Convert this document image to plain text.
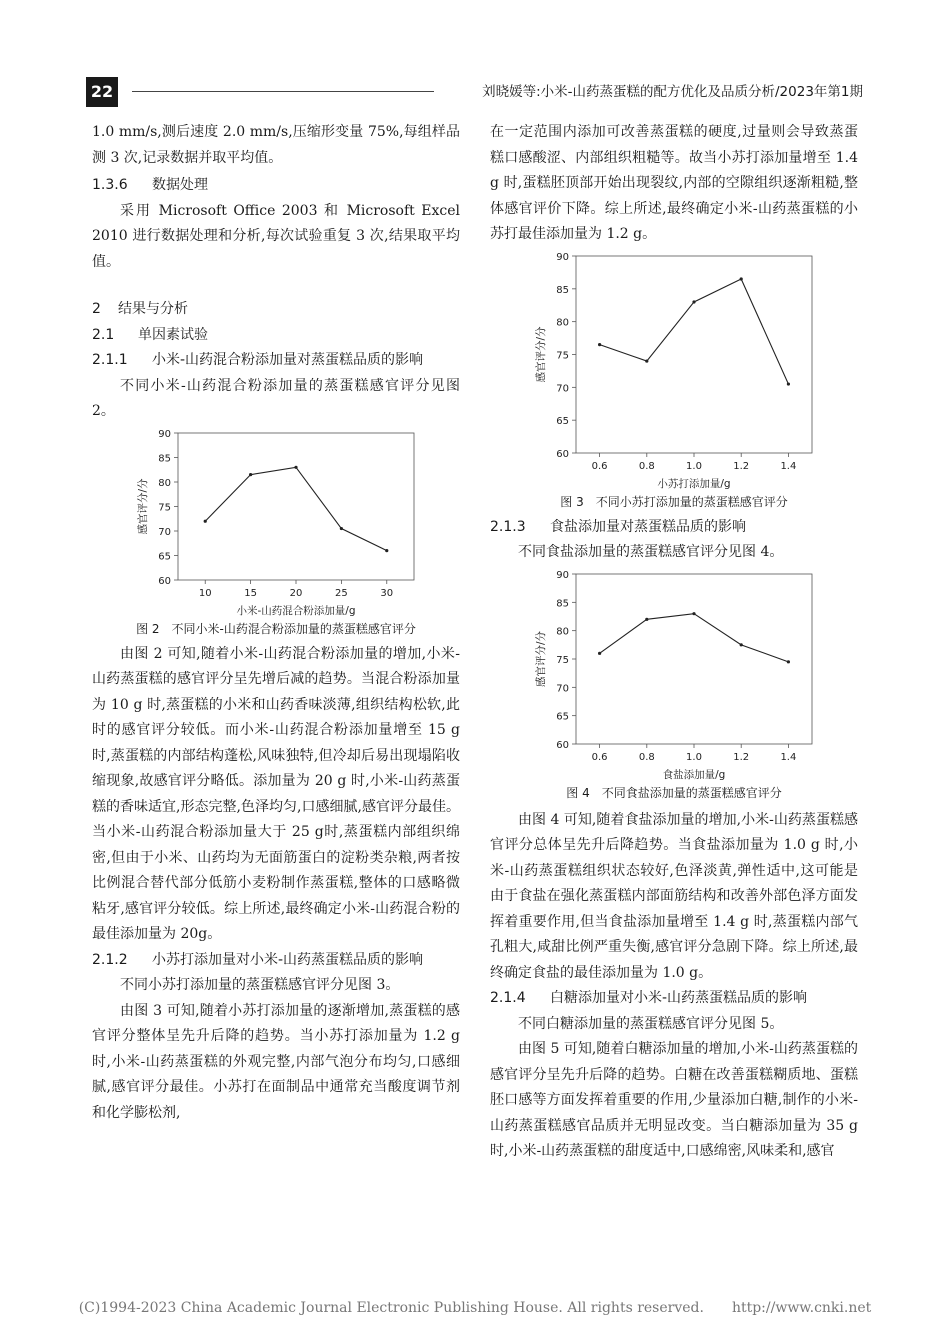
22	刘晓媛等:小米-山药蒸蛋糕的配方优化及品质分析/2023年第1期

1.0 mm/s,测后速度 2.0 mm/s,压缩形变量 75%,每组样品测 3 次,记录数据并取平均值。

1.3.6 数据处理

采用 Microsoft Office 2003 和 Microsoft Excel 2010 进行数据处理和分析,每次试验重复 3 次,结果取平均值。

2 结果与分析

2.1 单因素试验

2.1.1 小米-山药混合粉添加量对蒸蛋糕品质的影响

不同小米-山药混合粉添加量的蒸蛋糕感官评分见图 2。

60
65
70
75
80
85
90
10	15	20	25	30
小米-山药混合粉添加量/g
感官评分/分
图 2　不同小米-山药混合粉添加量的蒸蛋糕感官评分

由图 2 可知,随着小米-山药混合粉添加量的增加,小米-山药蒸蛋糕的感官评分呈先增后减的趋势。当混合粉添加量为 10 g 时,蒸蛋糕的小米和山药香味淡薄,组织结构松软,此时的感官评分较低。而小米-山药混合粉添加量增至 15 g 时,蒸蛋糕的内部结构蓬松,风味独特,但冷却后易出现塌陷收缩现象,故感官评分略低。添加量为 20 g 时,小米-山药蒸蛋糕的香味适宜,形态完整,色泽均匀,口感细腻,感官评分最佳。当小米-山药混合粉添加量大于 25 g时,蒸蛋糕内部组织绵密,但由于小米、山药均为无面筋蛋白的淀粉类杂粮,两者按比例混合替代部分低筋小麦粉制作蒸蛋糕,整体的口感略微粘牙,感官评分较低。综上所述,最终确定小米-山药混合粉的最佳添加量为 20g。

2.1.2 小苏打添加量对小米-山药蒸蛋糕品质的影响

不同小苏打添加量的蒸蛋糕感官评分见图 3。

由图 3 可知,随着小苏打添加量的逐渐增加,蒸蛋糕的感官评分整体呈先升后降的趋势。当小苏打添加量为 1.2 g 时,小米-山药蒸蛋糕的外观完整,内部气泡分布均匀,口感细腻,感官评分最佳。小苏打在面制品中通常充当酸度调节剂和化学膨松剂,

在一定范围内添加可改善蒸蛋糕的硬度,过量则会导致蒸蛋糕口感酸涩、内部组织粗糙等。故当小苏打添加量增至 1.4 g 时,蛋糕胚顶部开始出现裂纹,内部的空隙组织逐渐粗糙,整体感官评价下降。综上所述,最终确定小米-山药蒸蛋糕的小苏打最佳添加量为 1.2 g。

60
65
70
75
80
85
90
0.6	0.8	1.0	1.2	1.4
小苏打添加量/g
感官评分/分
图 3　不同小苏打添加量的蒸蛋糕感官评分

2.1.3 食盐添加量对蒸蛋糕品质的影响

不同食盐添加量的蒸蛋糕感官评分见图 4。

60
65
70
75
80
85
90
0.6	0.8	1.0	1.2	1.4
食盐添加量/g
感官评分/分
图 4　不同食盐添加量的蒸蛋糕感官评分

由图 4 可知,随着食盐添加量的增加,小米-山药蒸蛋糕感官评分总体呈先升后降趋势。当食盐添加量为 1.0 g 时,小米-山药蒸蛋糕组织状态较好,色泽淡黄,弹性适中,这可能是由于食盐在强化蒸蛋糕内部面筋结构和改善外部色泽方面发挥着重要作用,但当食盐添加量增至 1.4 g 时,蒸蛋糕内部气孔粗大,咸甜比例严重失衡,感官评分急剧下降。综上所述,最终确定食盐的最佳添加量为 1.0 g。

2.1.4 白糖添加量对小米-山药蒸蛋糕品质的影响

不同白糖添加量的蒸蛋糕感官评分见图 5。

由图 5 可知,随着白糖添加量的增加,小米-山药蒸蛋糕的感官评分呈先升后降的趋势。白糖在改善蛋糕糊质地、蛋糕胚口感等方面发挥着重要的作用,少量添加白糖,制作的小米-山药蒸蛋糕感官品质并无明显改变。当白糖添加量为 35 g 时,小米-山药蒸蛋糕的甜度适中,口感绵密,风味柔和,感官

(C)1994-2023 China Academic Journal Electronic Publishing House. All rights reserved.　　http://www.cnki.net
